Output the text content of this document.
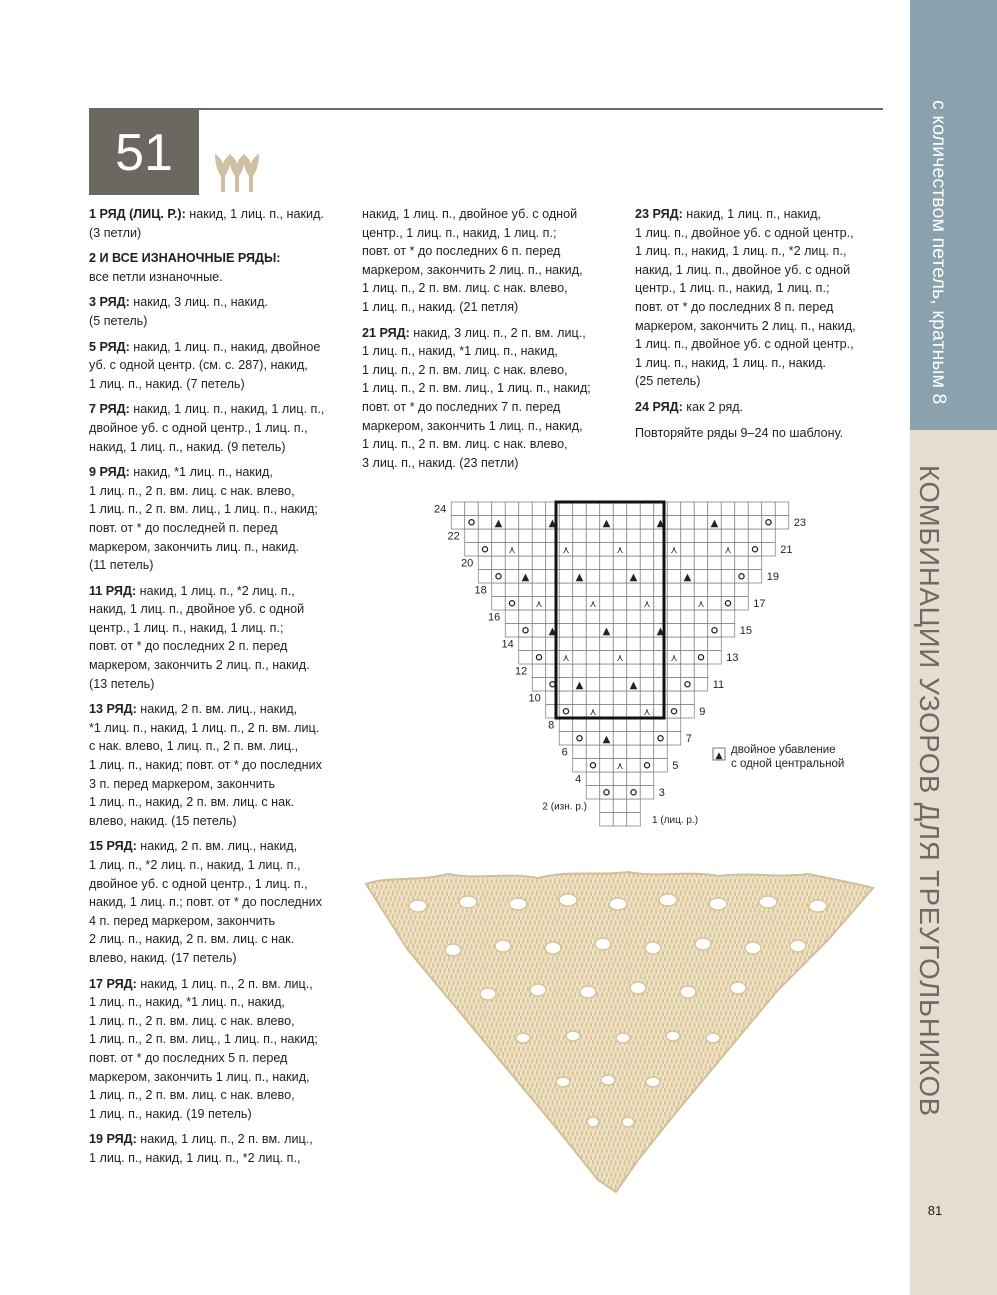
с количеством петель, кратным 8
КОМБИНАЦИИ УЗОРОВ ДЛЯ ТРЕУГОЛЬНИКОВ
81
51
1 РЯД (ЛИЦ. Р.): накид, 1 лиц. п., накид.
(3 петли)
2 И ВСЕ ИЗНАНОЧНЫЕ РЯДЫ:
все петли изнаночные.
3 РЯД: накид, 3 лиц. п., накид.
(5 петель)
5 РЯД: накид, 1 лиц. п., накид, двойное
уб. с одной центр. (см. с. 287), накид,
1 лиц. п., накид. (7 петель)
7 РЯД: накид, 1 лиц. п., накид, 1 лиц. п.,
двойное уб. с одной центр., 1 лиц. п.,
накид, 1 лиц. п., накид. (9 петель)
9 РЯД: накид, *1 лиц. п., накид,
1 лиц. п., 2 п. вм. лиц. с нак. влево,
1 лиц. п., 2 п. вм. лиц., 1 лиц. п., накид;
повт. от * до последней п. перед
маркером, закончить лиц. п., накид.
(11 петель)
11 РЯД: накид, 1 лиц. п., *2 лиц. п.,
накид, 1 лиц. п., двойное уб. с одной
центр., 1 лиц. п., накид, 1 лиц. п.;
повт. от * до последних 2 п. перед
маркером, закончить 2 лиц. п., накид.
(13 петель)
13 РЯД: накид, 2 п. вм. лиц., накид,
*1 лиц. п., накид, 1 лиц. п., 2 п. вм. лиц.
с нак. влево, 1 лиц. п., 2 п. вм. лиц.,
1 лиц. п., накид; повт. от * до последних
3 п. перед маркером, закончить
1 лиц. п., накид, 2 п. вм. лиц. с нак.
влево, накид. (15 петель)
15 РЯД: накид, 2 п. вм. лиц., накид,
1 лиц. п., *2 лиц. п., накид, 1 лиц. п.,
двойное уб. с одной центр., 1 лиц. п.,
накид, 1 лиц. п.; повт. от * до последних
4 п. перед маркером, закончить
2 лиц. п., накид, 2 п. вм. лиц. с нак.
влево, накид. (17 петель)
17 РЯД: накид, 1 лиц. п., 2 п. вм. лиц.,
1 лиц. п., накид, *1 лиц. п., накид,
1 лиц. п., 2 п. вм. лиц. с нак. влево,
1 лиц. п., 2 п. вм. лиц., 1 лиц. п., накид;
повт. от * до последних 5 п. перед
маркером, закончить 1 лиц. п., накид,
1 лиц. п., 2 п. вм. лиц. с нак. влево,
1 лиц. п., накид. (19 петель)
19 РЯД: накид, 1 лиц. п., 2 п. вм. лиц.,
1 лиц. п., накид, 1 лиц. п., *2 лиц. п.,
накид, 1 лиц. п., двойное уб. с одной
центр., 1 лиц. п., накид, 1 лиц. п.;
повт. от * до последних 6 п. перед
маркером, закончить 2 лиц. п., накид,
1 лиц. п., 2 п. вм. лиц. с нак. влево,
1 лиц. п., накид. (21 петля)
21 РЯД: накид, 3 лиц. п., 2 п. вм. лиц.,
1 лиц. п., накид, *1 лиц. п., накид,
1 лиц. п., 2 п. вм. лиц. с нак. влево,
1 лиц. п., 2 п. вм. лиц., 1 лиц. п., накид;
повт. от * до последних 7 п. перед
маркером, закончить 1 лиц. п., накид,
1 лиц. п., 2 п. вм. лиц. с нак. влево,
3 лиц. п., накид. (23 петли)
23 РЯД: накид, 1 лиц. п., накид,
1 лиц. п., двойное уб. с одной центр.,
1 лиц. п., накид, 1 лиц. п., *2 лиц. п.,
накид, 1 лиц. п., двойное уб. с одной
центр., 1 лиц. п., накид, 1 лиц. п.;
повт. от * до последних 8 п. перед
маркером, закончить 2 лиц. п., накид,
1 лиц. п., двойное уб. с одной центр.,
1 лиц. п., накид, 1 лиц. п., накид.
(25 петель)
24 РЯД: как 2 ряд.
Повторяйте ряды 9–24 по шаблону.
⋏
▲
⋏	⋏
▲	▲
⋏	⋏	⋏
▲	▲	▲
⋏	⋏	⋏	⋏
▲	▲	▲	▲
⋏	⋏	⋏	⋏	⋏
▲	▲	▲	▲	▲	23
21
19
17
15
13
11
9
7
5
3
24
22
20
18
16
14
12
10
8
6
4
2 (изн. р.)
1 (лиц. р.)
▲ двойное убавление
с одной центральной
